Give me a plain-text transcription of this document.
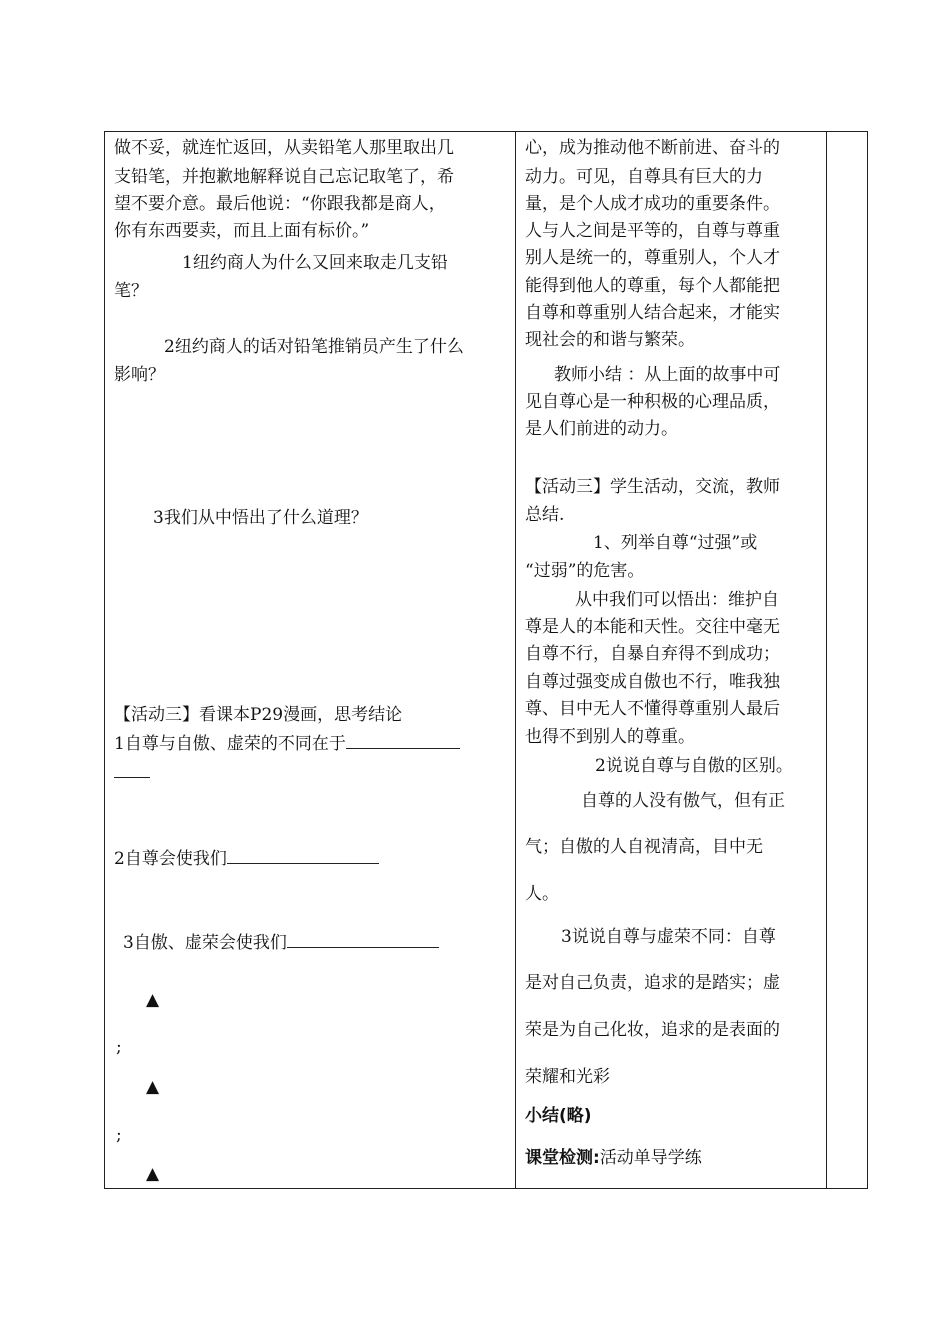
做不妥，就连忙返回，从卖铅笔人那里取出几
支铅笔，并抱歉地解释说自己忘记取笔了，希
望不要介意。最后他说：“你跟我都是商人，
你有东西要卖，而且上面有标价。”
1纽约商人为什么又回来取走几支铅
笔？
2纽约商人的话对铅笔推销员产生了什么
影响？
3我们从中悟出了什么道理？
【活动三】看课本P29漫画，思考结论
1自尊与自傲、虚荣的不同在于
2自尊会使我们
3自傲、虚荣会使我们
▲
;
▲
;
▲
心，成为推动他不断前进、奋斗的
动力。可见，自尊具有巨大的力
量，是个人成才成功的重要条件。
人与人之间是平等的，自尊与尊重
别人是统一的，尊重别人，个人才
能得到他人的尊重，每个人都能把
自尊和尊重别人结合起来，才能实
现社会的和谐与繁荣。
教师小结 ：从上面的故事中可
见自尊心是一种积极的心理品质，
是人们前进的动力。
【活动三】学生活动，交流，教师
总结.
1、列举自尊“过强”或
“过弱”的危害。
从中我们可以悟出：维护自
尊是人的本能和天性。交往中毫无
自尊不行，自暴自弃得不到成功；
自尊过强变成自傲也不行，唯我独
尊、目中无人不懂得尊重别人最后
也得不到别人的尊重。
2说说自尊与自傲的区别。
自尊的人没有傲气，但有正
气；自傲的人自视清高，目中无
人。
3说说自尊与虚荣不同：自尊
是对自己负责，追求的是踏实；虚
荣是为自己化妆，追求的是表面的
荣耀和光彩
小结(略)
课堂检测:活动单导学练
